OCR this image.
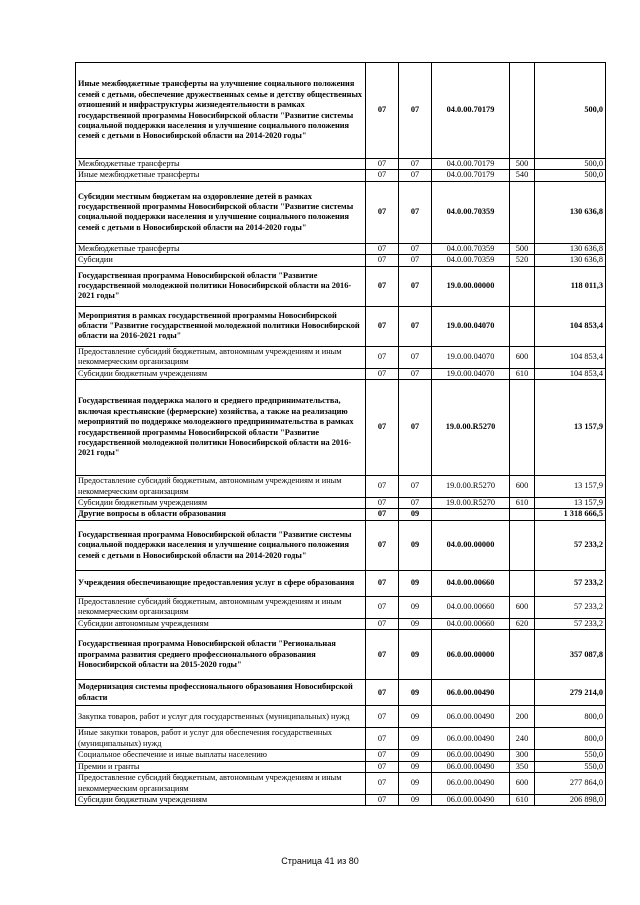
Иные межбюджетные трансферты на улучшение социального положения семей с детьми, обеспечение дружественных семье и детству общественных отношений и инфраструктуры жизнедеятельности в рамках государственной программы Новосибирской области "Развитие системы социальной поддержки населения и улучшение социального положения семей с детьми в Новосибирской области на 2014-2020 годы"	07	07	04.0.00.70179		500,0
Межбюджетные трансферты	07	07	04.0.00.70179	500	500,0
Иные межбюджетные трансферты	07	07	04.0.00.70179	540	500,0
Субсидии местным бюджетам на оздоровление детей в рамках государственной программы Новосибирской области "Развитие системы социальной поддержки населения и улучшение социального положения семей с детьми в Новосибирской области на 2014-2020 годы"	07	07	04.0.00.70359		130 636,8
Межбюджетные трансферты	07	07	04.0.00.70359	500	130 636,8
Субсидии	07	07	04.0.00.70359	520	130 636,8
Государственная программа Новосибирской области "Развитие государственной молодежной политики Новосибирской области на 2016-2021 годы"	07	07	19.0.00.00000		118 011,3
Мероприятия в рамках государственной программы Новосибирской области "Развитие государственной молодежной политики Новосибирской области на 2016-2021 годы"	07	07	19.0.00.04070		104 853,4
Предоставление субсидий бюджетным, автономным учреждениям и иным некоммерческим организациям	07	07	19.0.00.04070	600	104 853,4
Субсидии бюджетным учреждениям	07	07	19.0.00.04070	610	104 853,4
Государственная поддержка малого и среднего предпринимательства, включая крестьянские (фермерские) хозяйства, а также на реализацию мероприятий по поддержке молодежного предпринимательства в рамках государственной программы Новосибирской области "Развитие государственной молодежной политики Новосибирской области на 2016-2021 годы"	07	07	19.0.00.R5270		13 157,9
Предоставление субсидий бюджетным, автономным учреждениям и иным некоммерческим организациям	07	07	19.0.00.R5270	600	13 157,9
Субсидии бюджетным учреждениям	07	07	19.0.00.R5270	610	13 157,9
Другие вопросы в области образования	07	09			1 318 666,5
Государственная программа Новосибирской области "Развитие системы социальной поддержки населения и улучшение социального положения семей с детьми в Новосибирской области на 2014-2020 годы"	07	09	04.0.00.00000		57 233,2
Учреждения обеспечивающие предоставления услуг в сфере образования	07	09	04.0.00.00660		57 233,2
Предоставление субсидий бюджетным, автономным учреждениям и иным некоммерческим организациям	07	09	04.0.00.00660	600	57 233,2
Субсидии автономным учреждениям	07	09	04.0.00.00660	620	57 233,2
Государственная программа Новосибирской области "Региональная программа развития среднего профессионального образования Новосибирской области на 2015-2020 годы"	07	09	06.0.00.00000		357 087,8
Модернизация системы профессионального образования Новосибирской области	07	09	06.0.00.00490		279 214,0
Закупка товаров, работ и услуг для государственных (муниципальных) нужд	07	09	06.0.00.00490	200	800,0
Иные закупки товаров, работ и услуг для обеспечения государственных (муниципальных) нужд	07	09	06.0.00.00490	240	800,0
Социальное обеспечение и иные выплаты населению	07	09	06.0.00.00490	300	550,0
Премии и гранты	07	09	06.0.00.00490	350	550,0
Предоставление субсидий бюджетным, автономным учреждениям и иным некоммерческим организациям	07	09	06.0.00.00490	600	277 864,0
Субсидии бюджетным учреждениям	07	09	06.0.00.00490	610	206 898,0
Страница 41 из 80
